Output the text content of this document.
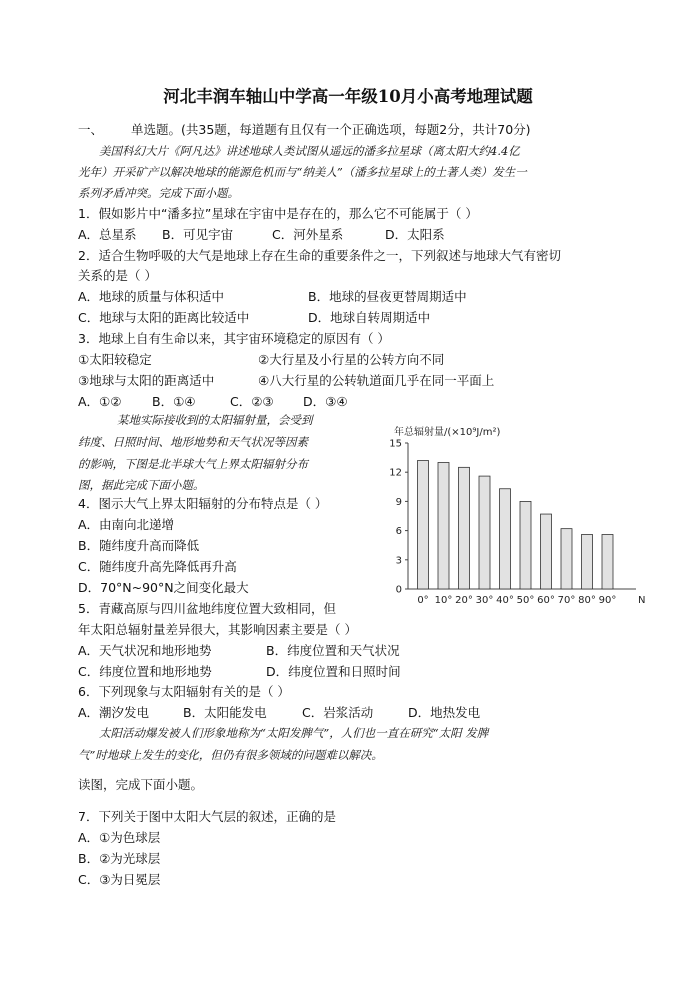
河北丰润车轴山中学高一年级10月小高考地理试题
一、 单选题。(共35题，每道题有且仅有一个正确选项，每题2分，共计70分)
美国科幻大片《阿凡达》讲述地球人类试图从遥远的潘多拉星球（离太阳大约4.4亿
光年）开采矿产以解决地球的能源危机而与“纳美人”（潘多拉星球上的土著人类）发生一
系列矛盾冲突。完成下面小题。
1．假如影片中“潘多拉”星球在宇宙中是存在的，那么它不可能属于（ ）
A．总星系 B．可见宇宙	C．河外星系	D．太阳系
2．适合生物呼吸的大气是地球上存在生命的重要条件之一，下列叙述与地球大气有密切
关系的是（ ）
A．地球的质量与体积适中	B．地球的昼夜更替周期适中
C．地球与太阳的距离比较适中	D．地球自转周期适中
3．地球上自有生命以来，其宇宙环境稳定的原因有（ ）
①太阳较稳定	②大行星及小行星的公转方向不同
③地球与太阳的距离适中	④八大行星的公转轨道面几乎在同一平面上
A．①② B．①④	C．②③ D．③④
某地实际接收到的太阳辐射量，会受到
纬度、日照时间、地形地势和天气状况等因素
的影响，下图是北半球大气上界太阳辐射分布
图，据此完成下面小题。
4．图示大气上界太阳辐射的分布特点是（ ）
A．由南向北递增
B．随纬度升高而降低
C．随纬度升高先降低再升高
D．70°N~90°N之间变化最大
5．青藏高原与四川盆地纬度位置大致相同，但
年太阳总辐射量差异很大，其影响因素主要是（ ）
A．天气状况和地形地势	B．纬度位置和天气状况
C．纬度位置和地形地势	D．纬度位置和日照时间
6．下列现象与太阳辐射有关的是（ ）
A．潮汐发电	B．太阳能发电	C．岩浆活动	D．地热发电
太阳活动爆发被人们形象地称为“太阳发脾气”，人们也一直在研究“太阳 发脾
气”时地球上发生的变化，但仍有很多领域的问题难以解决。
读图，完成下面小题。
7．下列关于图中太阳大气层的叙述，正确的是
A．①为色球层
B．②为光球层
C．③为日冕层
年总辐射量/(×10⁹J/m²)
0
3
6
9
12
15
0° 10° 20° 30° 40° 50° 60° 70° 80° 90° N
